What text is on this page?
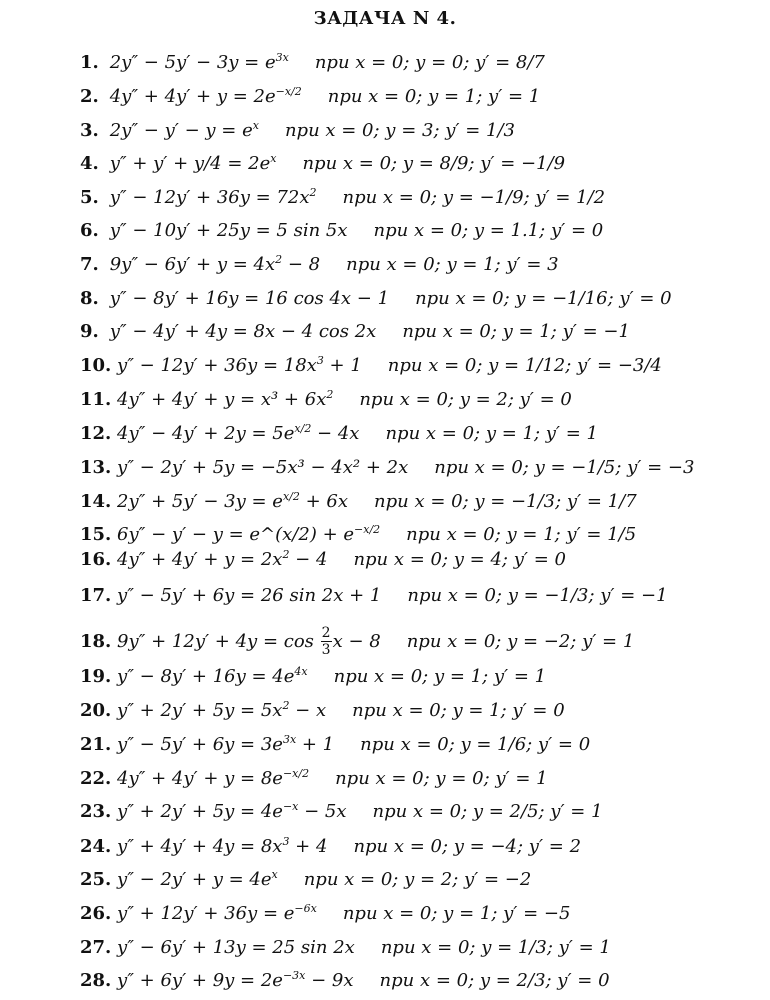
ЗАДАЧА N 4.
1. $2y'' - 5y' - 3y = e^{3x}$ при x = 0; y = 0; y′ = 8/7
2. $4y'' + 4y' + y = 2e^{-x/2}$ при x = 0; y = 1; y′ = 1
3. $2y'' - y' - y = e^x$ при x = 0; y = 3; y′ = 1/3
4. $y'' + y' + y/4 = 2e^x$ при x = 0; y = 8/9; y′ = −1/9
5. $y'' - 12y' + 36y = 72x^2$ при x = 0; y = −1/9; y′ = 1/2
6. y″ − 10y′ + 25y = 5 sin 5x при x = 0; y = 1.1; y′ = 0
7. $9y'' - 6y' + y = 4x^2 - 8$ при x = 0; y = 1; y′ = 3
8. y″ − 8y′ + 16y = 16 cos 4x − 1 при x = 0; y = −1/16; y′ = 0
9. y″ − 4y′ + 4y = 8x − 4 cos 2x при x = 0; y = 1; y′ = −1
10. $y'' - 12y' + 36y = 18x^3 + 1$ при x = 0; y = 1/12; y′ = −3/4
11. $4y'' + 4y' + y = x^3 + 6x^2$ при x = 0; y = 2; y′ = 0
12. $4y'' - 4y' + 2y = 5e^{x/2} - 4x$ при x = 0; y = 1; y′ = 1
13. y″ − 2y′ + 5y = −5x³ − 4x² + 2x при x = 0; y = −1/5; y′ = −3
14. $2y'' + 5y' - 3y = e^{x/2} + 6x$ при x = 0; y = −1/3; y′ = 1/7
15. 6y″ − y′ − y = e^(x/2) + $e^{-x/2}$ при x = 0; y = 1; y′ = 1/5
16. $4y'' + 4y' + y = 2x^2 - 4$ при x = 0; y = 4; y′ = 0
17. y″ − 5y′ + 6y = 26 sin 2x + 1 при x = 0; y = −1/3; y′ = −1
18. $9y'' + 12y' + 4y = \cos \frac{2}{3}$ x − 8 при x = 0; y = −2; y′ = 1
19. $y'' - 8y' + 16y = 4e^{4x}$ при x = 0; y = 1; y′ = 1
20. $y'' + 2y' + 5y = 5x^2 - x$ при x = 0; y = 1; y′ = 0
21. $y'' - 5y' + 6y = 3e^{3x} + 1$ при x = 0; y = 1/6; y′ = 0
22. $4y'' + 4y' + y = 8e^{-x/2}$ при x = 0; y = 0; y′ = 1
23. $y'' + 2y' + 5y = 4e^{-x} - 5x$ при x = 0; y = 2/5; y′ = 1
24. $y'' + 4y' + 4y = 8x^3 + 4$ при x = 0; y = −4; y′ = 2
25. $y'' - 2y' + y = 4e^x$ при x = 0; y = 2; y′ = −2
26. $y'' + 12y' + 36y = e^{-6x}$ при x = 0; y = 1; y′ = −5
27. y″ − 6y′ + 13y = 25 sin 2x при x = 0; y = 1/3; y′ = 1
28. $y'' + 6y' + 9y = 2e^{-3x} - 9x$ при x = 0; y = 2/3; y′ = 0
